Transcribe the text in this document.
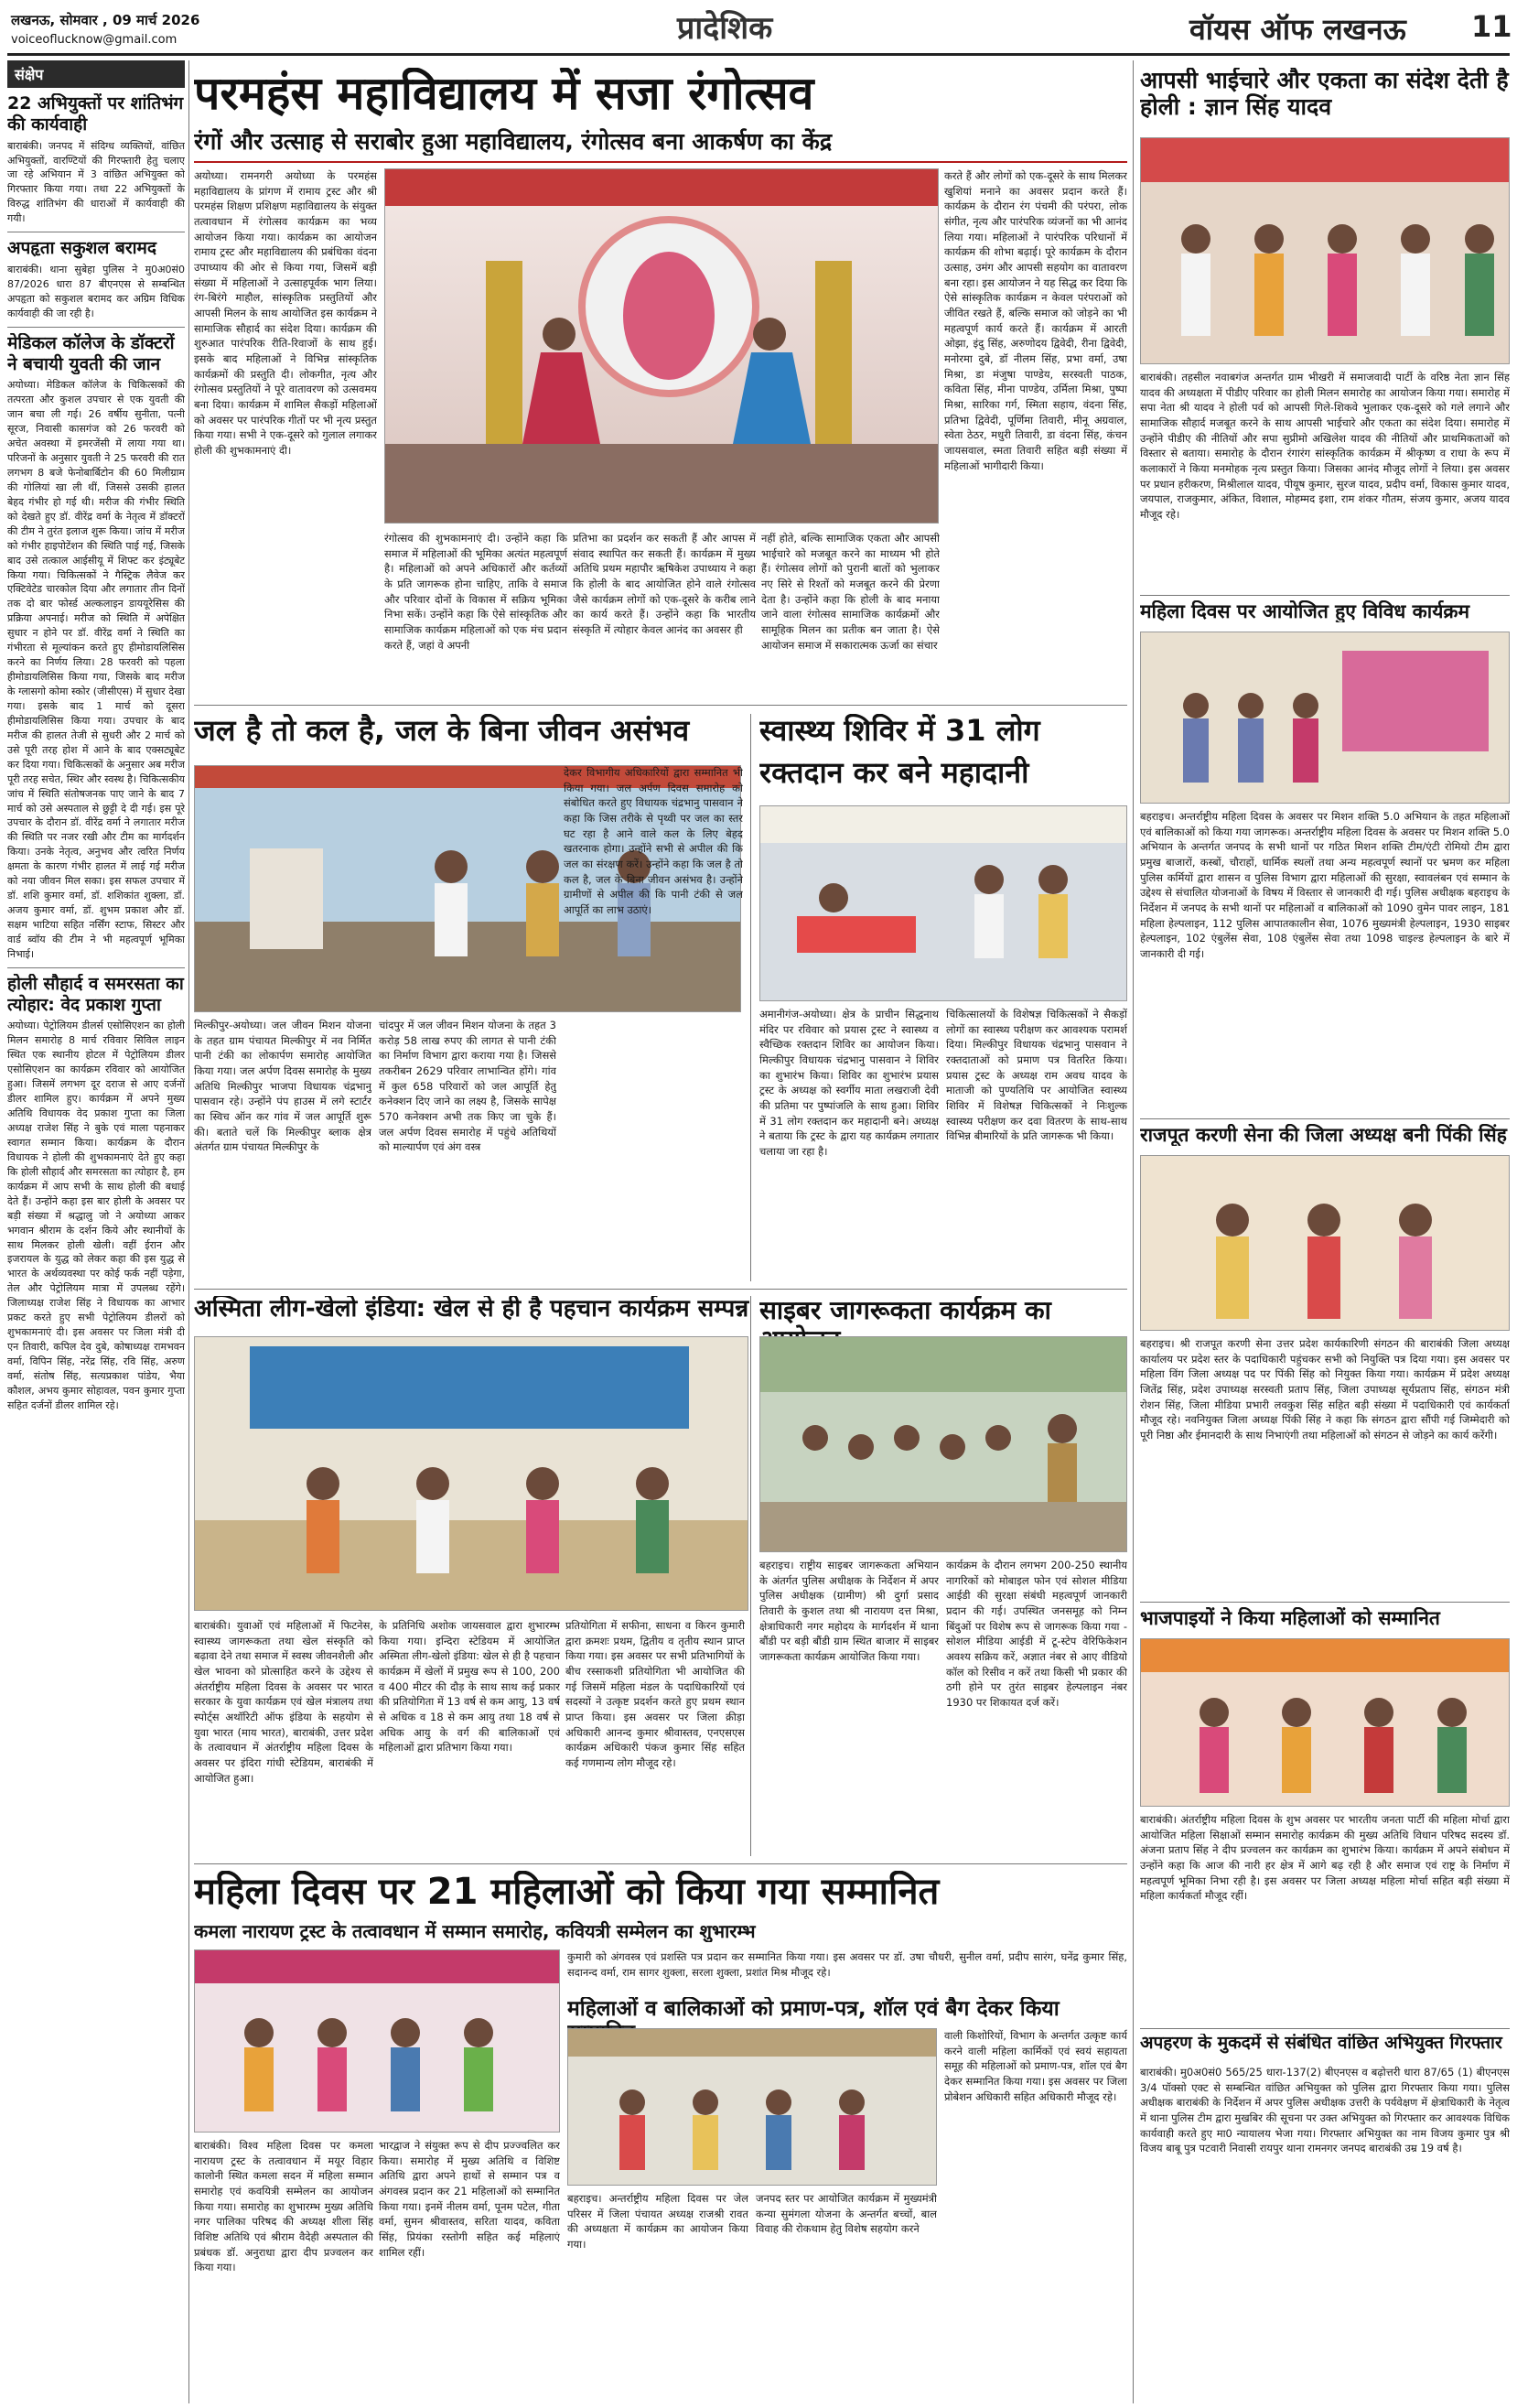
लखनऊ, सोमवार , 09 मार्च 2026
voiceoflucknow@gmail.com	प्रादेशिक	वॉयस ऑफ लखनऊ 11
संक्षेप
22 अभियुक्तों पर शांतिभंग की कार्यवाही
बाराबंकी। जनपद में संदिग्ध व्यक्तियों, वांछित अभियुक्तों, वारण्टियों की गिरफ्तारी हेतु चलाए जा रहे अभियान में 3 वांछित अभियुक्त को गिरफ्तार किया गया। तथा 22 अभियुक्तों के विरुद्ध शांतिभंग की धाराओं में कार्यवाही की गयी।
अपहृता सकुशल बरामद
बाराबंकी। थाना सुबेहा पुलिस ने मु0अ0सं0 87/2026 धारा 87 बीएनएस से सम्बन्धित अपहृता को सकुशल बरामद कर अग्रिम विधिक कार्यवाही की जा रही है।
मेडिकल कॉलेज के डॉक्टरों ने बचायी युवती की जान
अयोध्या। मेडिकल कॉलेज के चिकित्सकों की तत्परता और कुशल उपचार से एक युवती की जान बचा ली गई। 26 वर्षीय सुनीता, पत्नी सूरज, निवासी कासगंज को 26 फरवरी को अचेत अवस्था में इमरजेंसी में लाया गया था। परिजनों के अनुसार युवती ने 25 फरवरी की रात लगभग 8 बजे फेनोबार्बिटोन की 60 मिलीग्राम की गोलियां खा ली थीं, जिससे उसकी हालत बेहद गंभीर हो गई थी। मरीज की गंभीर स्थिति को देखते हुए डॉ. वीरेंद्र वर्मा के नेतृत्व में डॉक्टरों की टीम ने तुरंत इलाज शुरू किया। जांच में मरीज को गंभीर हाइपोटेंशन की स्थिति पाई गई, जिसके बाद उसे तत्काल आईसीयू में शिफ्ट कर इंट्यूबेट किया गया। चिकित्सकों ने गैस्ट्रिक लैवेज कर एक्टिवेटेड चारकोल दिया और लगातार तीन दिनों तक दो बार फोर्स्ड अल्कलाइन डाययूरेसिस की प्रक्रिया अपनाई। मरीज को स्थिति में अपेक्षित सुधार न होने पर डॉ. वीरेंद्र वर्मा ने स्थिति का गंभीरता से मूल्यांकन करते हुए हीमोडायलिसिस करने का निर्णय लिया। 28 फरवरी को पहला हीमोडायलिसिस किया गया, जिसके बाद मरीज के ग्लासगो कोमा स्कोर (जीसीएस) में सुधार देखा गया। इसके बाद 1 मार्च को दूसरा हीमोडायलिसिस किया गया। उपचार के बाद मरीज की हालत तेजी से सुधरी और 2 मार्च को उसे पूरी तरह होश में आने के बाद एक्सट्यूबेट कर दिया गया। चिकित्सकों के अनुसार अब मरीज पूरी तरह सचेत, स्थिर और स्वस्थ है। चिकित्सकीय जांच में स्थिति संतोषजनक पाए जाने के बाद 7 मार्च को उसे अस्पताल से छुट्टी दे दी गई। इस पूरे उपचार के दौरान डॉ. वीरेंद्र वर्मा ने लगातार मरीज की स्थिति पर नजर रखी और टीम का मार्गदर्शन किया। उनके नेतृत्व, अनुभव और त्वरित निर्णय क्षमता के कारण गंभीर हालत में लाई गई मरीज को नया जीवन मिल सका। इस सफल उपचार में डॉ. शशि कुमार वर्मा, डॉ. शशिकांत शुक्ला, डॉ. अजय कुमार वर्मा, डॉ. शुभम प्रकाश और डॉ. सक्षम भाटिया सहित नर्सिंग स्टाफ, सिस्टर और वार्ड ब्वॉय की टीम ने भी महत्वपूर्ण भूमिका निभाई।
होली सौहार्द व समरसता का त्योहार: वेद प्रकाश गुप्ता
अयोध्या। पेट्रोलियम डीलर्स एसोसिएशन का होली मिलन समारोह 8 मार्च रविवार सिविल लाइन स्थित एक स्थानीय होटल में पेट्रोलियम डीलर एसोसिएशन का कार्यक्रम रविवार को आयोजित हुआ। जिसमें लगभग दूर दराज से आए दर्जनों डीलर शामिल हुए। कार्यक्रम में अपने मुख्य अतिथि विधायक वेद प्रकाश गुप्ता का जिला अध्यक्ष राजेश सिंह ने बुके एवं माला पहनाकर स्वागत सम्मान किया। कार्यक्रम के दौरान विधायक ने होली की शुभकामनाएं देते हुए कहा कि होली सौहार्द और समरसता का त्योहार है, हम कार्यक्रम में आप सभी के साथ होली की बधाई देते हैं। उन्होंने कहा इस बार होली के अवसर पर बड़ी संख्या में श्रद्धालु जो ने अयोध्या आकर भगवान श्रीराम के दर्शन किये और स्थानीयों के साथ मिलकर होली खेली। वहीं ईरान और इजरायल के युद्ध को लेकर कहा की इस युद्ध से भारत के अर्थव्यवस्था पर कोई फर्क नहीं पड़ेगा, तेल और पेट्रोलियम मात्रा में उपलब्ध रहेंगे। जिलाध्यक्ष राजेश सिंह ने विधायक का आभार प्रकट करते हुए सभी पेट्रोलियम डीलरों को शुभकामनाएं दी। इस अवसर पर जिला मंत्री दी एन तिवारी, कपिल देव दुबे, कोषाध्यक्ष रामभवन वर्मा, विपिन सिंह, नरेंद्र सिंह, रवि सिंह, अरुण वर्मा, संतोष सिंह, सत्यप्रकाश पांडेय, भैया कौशल, अभय कुमार सोहावल, पवन कुमार गुप्ता सहित दर्जनों डीलर शामिल रहे।
परमहंस महाविद्यालय में सजा रंगोत्सव
रंगों और उत्साह से सराबोर हुआ महाविद्यालय, रंगोत्सव बना आकर्षण का केंद्र
अयोध्या। रामनगरी अयोध्या के परमहंस महाविद्यालय के प्रांगण में रामाय ट्रस्ट और श्री परमहंस शिक्षण प्रशिक्षण महाविद्यालय के संयुक्त तत्वावधान में रंगोत्सव कार्यक्रम का भव्य आयोजन किया गया। कार्यक्रम का आयोजन रामाय ट्रस्ट और महाविद्यालय की प्रबंधिका वंदना उपाध्याय की ओर से किया गया, जिसमें बड़ी संख्या में महिलाओं ने उत्साहपूर्वक भाग लिया। रंग-बिरंगे माहौल, सांस्कृतिक प्रस्तुतियों और आपसी मिलन के साथ आयोजित इस कार्यक्रम ने सामाजिक सौहार्द का संदेश दिया। कार्यक्रम की शुरुआत पारंपरिक रीति-रिवाजों के साथ हुई। इसके बाद महिलाओं ने विभिन्न सांस्कृतिक कार्यक्रमों की प्रस्तुति दी। लोकगीत, नृत्य और रंगोत्सव प्रस्तुतियों ने पूरे वातावरण को उत्सवमय बना दिया। कार्यक्रम में शामिल सैकड़ों महिलाओं को अवसर पर पारंपरिक गीतों पर भी नृत्य प्रस्तुत किया गया। सभी ने एक-दूसरे को गुलाल लगाकर होली की शुभकामनाएं दी।
रंगोत्सव की शुभकामनाएं दी। उन्होंने कहा कि समाज में महिलाओं की भूमिका अत्यंत महत्वपूर्ण है। महिलाओं को अपने अधिकारों और कर्तव्यों के प्रति जागरूक होना चाहिए, ताकि वे समाज और परिवार दोनों के विकास में सक्रिय भूमिका निभा सकें। उन्होंने कहा कि ऐसे सांस्कृतिक और सामाजिक कार्यक्रम महिलाओं को एक मंच प्रदान करते हैं, जहां वे अपनी
प्रतिभा का प्रदर्शन कर सकती हैं और आपस में संवाद स्थापित कर सकती हैं। कार्यक्रम में मुख्य अतिथि प्रथम महापौर ऋषिकेश उपाध्याय ने कहा कि होली के बाद आयोजित होने वाले रंगोत्सव जैसे कार्यक्रम लोगों को एक-दूसरे के करीब लाने का कार्य करते हैं। उन्होंने कहा कि भारतीय संस्कृति में त्योहार केवल आनंद का अवसर ही
नहीं होते, बल्कि सामाजिक एकता और आपसी भाईचारे को मजबूत करने का माध्यम भी होते हैं। रंगोत्सव लोगों को पुरानी बातों को भुलाकर नए सिरे से रिश्तों को मजबूत करने की प्रेरणा देता है। उन्होंने कहा कि होली के बाद मनाया जाने वाला रंगोत्सव सामाजिक कार्यक्रमों और सामूहिक मिलन का प्रतीक बन जाता है। ऐसे आयोजन समाज में सकारात्मक ऊर्जा का संचार
करते हैं और लोगों को एक-दूसरे के साथ मिलकर खुशियां मनाने का अवसर प्रदान करते हैं। कार्यक्रम के दौरान रंग पंचमी की परंपरा, लोक संगीत, नृत्य और पारंपरिक व्यंजनों का भी आनंद लिया गया। महिलाओं ने पारंपरिक परिधानों में कार्यक्रम की शोभा बढ़ाई। पूरे कार्यक्रम के दौरान उत्साह, उमंग और आपसी सहयोग का वातावरण बना रहा। इस आयोजन ने यह सिद्ध कर दिया कि ऐसे सांस्कृतिक कार्यक्रम न केवल परंपराओं को जीवित रखते हैं, बल्कि समाज को जोड़ने का भी महत्वपूर्ण कार्य करते हैं। कार्यक्रम में आरती ओझा, इंदु सिंह, अरुणोदय द्विवेदी, रीना द्विवेदी, मनोरमा दुबे, डॉ नीलम सिंह, प्रभा वर्मा, उषा मिश्रा, डा मंजुषा पाण्डेय, सरस्वती पाठक, कविता सिंह, मीना पाण्डेय, उर्मिला मिश्रा, पुष्पा मिश्रा, सारिका गर्ग, स्मिता सहाय, वंदना सिंह, प्रतिभा द्विवेदी, पूर्णिमा तिवारी, मीनू अग्रवाल, स्वेता ठेठर, मधुरी तिवारी, डा वंदना सिंह, कंचन जायसवाल, स्मता तिवारी सहित बड़ी संख्या में महिलाओं भागीदारी किया।
जल है तो कल है, जल के बिना जीवन असंभव
मिल्कीपुर-अयोध्या। जल जीवन मिशन योजना के तहत ग्राम पंचायत मिल्कीपुर में नव निर्मित पानी टंकी का लोकार्पण समारोह आयोजित किया गया। जल अर्पण दिवस समारोह के मुख्य अतिथि मिल्कीपुर भाजपा विधायक चंद्रभानु पासवान रहे। उन्होंने पंप हाउस में लगे स्टार्टर का स्विच ऑन कर गांव में जल आपूर्ति शुरू की। बताते चलें कि मिल्कीपुर ब्लाक क्षेत्र अंतर्गत ग्राम पंचायत मिल्कीपुर के
चांदपुर में जल जीवन मिशन योजना के तहत 3 करोड़ 58 लाख रुपए की लागत से पानी टंकी का निर्माण विभाग द्वारा कराया गया है। जिससे तकरीबन 2629 परिवार लाभान्वित होंगे। गांव में कुल 658 परिवारों को जल आपूर्ति हेतु कनेक्शन दिए जाने का लक्ष्य है, जिसके सापेक्ष 570 कनेक्शन अभी तक किए जा चुके हैं। जल अर्पण दिवस समारोह में पहुंचे अतिथियों को माल्यार्पण एवं अंग वस्त्र
देकर विभागीय अधिकारियों द्वारा सम्मानित भी किया गया। जल अर्पण दिवस समारोह को संबोधित करते हुए विधायक चंद्रभानु पासवान ने कहा कि जिस तरीके से पृथ्वी पर जल का स्तर घट रहा है आने वाले कल के लिए बेहद खतरनाक होगा। उन्होंने सभी से अपील की कि जल का संरक्षण करें। उन्होंने कहा कि जल है तो कल है, जल के बिना जीवन असंभव है। उन्होंने ग्रामीणों से अपील की कि पानी टंकी से जल आपूर्ति का लाभ उठाएं।
स्वास्थ्य शिविर में 31 लोग
रक्तदान कर बने महादानी
अमानीगंज-अयोध्या। क्षेत्र के प्राचीन सिद्धनाथ मंदिर पर रविवार को प्रयास ट्रस्ट ने स्वास्थ्य व स्वैच्छिक रक्तदान शिविर का आयोजन किया। मिल्कीपुर विधायक चंद्रभानु पासवान ने शिविर का शुभारंभ किया। शिविर का शुभारंभ प्रयास ट्रस्ट के अध्यक्ष को स्वर्गीय माता लखराजी देवी की प्रतिमा पर पुष्पांजलि के साथ हुआ। शिविर में 31 लोग रक्तदान कर महादानी बने। अध्यक्ष ने बताया कि ट्रस्ट के द्वारा यह कार्यक्रम लगातार चलाया जा रहा है।
चिकित्सालयों के विशेषज्ञ चिकित्सकों ने सैकड़ों लोगों का स्वास्थ्य परीक्षण कर आवश्यक परामर्श दिया। मिल्कीपुर विधायक चंद्रभानु पासवान ने रक्तदाताओं को प्रमाण पत्र वितरित किया। प्रयास ट्रस्ट के अध्यक्ष राम अवध यादव के माताजी को पुण्यतिथि पर आयोजित स्वास्थ्य शिविर में विशेषज्ञ चिकित्सकों ने निःशुल्क स्वास्थ्य परीक्षण कर दवा वितरण के साथ-साथ विभिन्न बीमारियों के प्रति जागरूक भी किया।
अस्मिता लीग-खेलो इंडिया: खेल से ही है पहचान कार्यक्रम सम्पन्न
बाराबंकी। युवाओं एवं महिलाओं में फिटनेस, स्वास्थ्य जागरूकता तथा खेल संस्कृति को बढ़ावा देने तथा समाज में स्वस्थ जीवनशैली और खेल भावना को प्रोत्साहित करने के उद्देश्य से अंतर्राष्ट्रीय महिला दिवस के अवसर पर भारत सरकार के युवा कार्यक्रम एवं खेल मंत्रालय तथा स्पोर्ट्स अथॉरिटी ऑफ इंडिया के सहयोग से युवा भारत (माय भारत), बाराबंकी, उत्तर प्रदेश के तत्वावधान में अंतर्राष्ट्रीय महिला दिवस के अवसर पर इंदिरा गांधी स्टेडियम, बाराबंकी में आयोजित हुआ।
के प्रतिनिधि अशोक जायसवाल द्वारा शुभारम्भ किया गया। इन्दिरा स्टेडियम में आयोजित अस्मिता लीग-खेलो इंडिया: खेल से ही है पहचान कार्यक्रम में खेलों में प्रमुख रूप से 100, 200 व 400 मीटर की दौड़ के साथ साथ कई प्रकार की प्रतियोगिता में 13 वर्ष से कम आयु, 13 वर्ष से अधिक व 18 से कम आयु तथा 18 वर्ष से अधिक आयु के वर्ग की बालिकाओं एवं महिलाओं द्वारा प्रतिभाग किया गया।
साइबर जागरूकता कार्यक्रम का
प्रतियोगिता में सफीना, साधना व किरन कुमारी द्वारा क्रमशः प्रथम, द्वितीय व तृतीय स्थान प्राप्त किया गया। इस अवसर पर सभी प्रतिभागियों के बीच रस्साकशी प्रतियोगिता भी आयोजित की गई जिसमें महिला मंडल के पदाधिकारियों एवं सदस्यों ने उत्कृष्ट प्रदर्शन करते हुए प्रथम स्थान प्राप्त किया। इस अवसर पर जिला क्रीड़ा अधिकारी आनन्द कुमार श्रीवास्तव, एनएसएस कार्यक्रम अधिकारी पंकज कुमार सिंह सहित कई गणमान्य लोग मौजूद रहे।
बहराइच। राष्ट्रीय साइबर जागरूकता अभियान के अंतर्गत पुलिस अधीक्षक के निर्देशन में अपर पुलिस अधीक्षक (ग्रामीण) श्री दुर्गा प्रसाद तिवारी के कुशल तथा श्री नारायण दत्त मिश्रा, क्षेत्राधिकारी नगर महोदय के मार्गदर्शन में थाना बौंडी पर बड़ी बौंडी ग्राम स्थित बाजार में साइबर जागरूकता कार्यक्रम आयोजित किया गया।
कार्यक्रम के दौरान लगभग 200-250 स्थानीय नागरिकों को मोबाइल फोन एवं सोशल मीडिया आईडी की सुरक्षा संबंधी महत्वपूर्ण जानकारी प्रदान की गई। उपस्थित जनसमूह को निम्न बिंदुओं पर विशेष रूप से जागरूक किया गया - सोशल मीडिया आईडी में टू-स्टेप वेरिफिकेशन अवश्य सक्रिय करें, अज्ञात नंबर से आए वीडियो कॉल को रिसीव न करें तथा किसी भी प्रकार की ठगी होने पर तुरंत साइबर हेल्पलाइन नंबर 1930 पर शिकायत दर्ज करें।
महिला दिवस पर 21 महिलाओं को किया गया सम्मानित
कमला नारायण ट्रस्ट के तत्वावधान में सम्मान समारोह, कवियत्री सम्मेलन का शुभारम्भ
बाराबंकी। विश्व महिला दिवस पर कमला नारायण ट्रस्ट के तत्वावधान में मयूर विहार कालोनी स्थित कमला सदन में महिला सम्मान समारोह एवं कवयित्री सम्मेलन का आयोजन किया गया। समारोह का शुभारम्भ मुख्य अतिथि नगर पालिका परिषद की अध्यक्ष शीला सिंह विशिष्ट अतिथि एवं श्रीराम वैदेही अस्पताल की प्रबंधक डॉ. अनुराधा द्वारा दीप प्रज्वलन कर किया गया।
भारद्वाज ने संयुक्त रूप से दीप प्रज्ज्वलित कर किया। समारोह में मुख्य अतिथि व विशिष्ट अतिथि द्वारा अपने हाथों से सम्मान पत्र व अंगवस्त्र प्रदान कर 21 महिलाओं को सम्मानित किया गया। इनमें नीलम वर्मा, पूनम पटेल, गीता वर्मा, सुमन श्रीवास्तव, सरिता यादव, कविता सिंह, प्रियंका रस्तोगी सहित कई महिलाएं शामिल रहीं।
कुमारी को अंगवस्त्र एवं प्रशस्ति पत्र प्रदान कर सम्मानित किया गया। इस अवसर पर डॉ. उषा चौधरी, सुनील वर्मा, प्रदीप सारंग, घनेंद्र कुमार सिंह, सदानन्द वर्मा, राम सागर शुक्ला, सरला शुक्ला, प्रशांत मिश्र मौजूद रहे।
महिलाओं व बालिकाओं को प्रमाण-पत्र, शॉल एवं बैग देकर किया
बहराइच। अन्तर्राष्ट्रीय महिला दिवस पर जेल परिसर में जिला पंचायत अध्यक्ष राजश्री रावत की अध्यक्षता में कार्यक्रम का आयोजन किया गया।
जनपद स्तर पर आयोजित कार्यक्रम में मुख्यमंत्री कन्या सुमंगला योजना के अन्तर्गत बच्चों, बाल विवाह की रोकथाम हेतु विशेष सहयोग करने
वाली किशोरियों, विभाग के अन्तर्गत उत्कृष्ट कार्य करने वाली महिला कार्मिकों एवं स्वयं सहायता समूह की महिलाओं को प्रमाण-पत्र, शॉल एवं बैग देकर सम्मानित किया गया। इस अवसर पर जिला प्रोबेशन अधिकारी सहित अधिकारी मौजूद रहे।
आपसी भाईचारे और एकता का संदेश देती है होली : ज्ञान सिंह यादव
बाराबंकी। तहसील नवाबगंज अन्तर्गत ग्राम भीखरी में समाजवादी पार्टी के वरिष्ठ नेता ज्ञान सिंह यादव की अध्यक्षता में पीडीए परिवार का होली मिलन समारोह का आयोजन किया गया। समारोह में सपा नेता श्री यादव ने होली पर्व को आपसी गिले-शिकवे भुलाकर एक-दूसरे को गले लगाने और सामाजिक सौहार्द मजबूत करने के साथ आपसी भाईचारे और एकता का संदेश दिया। समारोह में उन्होंने पीडीए की नीतियों और सपा सुप्रीमो अखिलेश यादव की नीतियों और प्राथमिकताओं को विस्तार से बताया। समारोह के दौरान रंगारंग सांस्कृतिक कार्यक्रम में श्रीकृष्ण व राधा के रूप में कलाकारों ने किया मनमोहक नृत्य प्रस्तुत किया। जिसका आनंद मौजूद लोगों ने लिया। इस अवसर पर प्रधान हरीकरण, मिश्रीलाल यादव, पीयूष कुमार, सुरज यादव, प्रदीप वर्मा, विकास कुमार यादव, जयपाल, राजकुमार, अंकित, विशाल, मोहम्मद इशा, राम शंकर गौतम, संजय कुमार, अजय यादव मौजूद रहे।
महिला दिवस पर आयोजित हुए विविध कार्यक्रम
बहराइच। अन्तर्राष्ट्रीय महिला दिवस के अवसर पर मिशन शक्ति 5.0 अभियान के तहत महिलाओं एवं बालिकाओं को किया गया जागरूक। अन्तर्राष्ट्रीय महिला दिवस के अवसर पर मिशन शक्ति 5.0 अभियान के अन्तर्गत जनपद के सभी थानों पर गठित मिशन शक्ति टीम/एंटी रोमियो टीम द्वारा प्रमुख बाजारों, कस्बों, चौराहों, धार्मिक स्थलों तथा अन्य महत्वपूर्ण स्थानों पर भ्रमण कर महिला पुलिस कर्मियों द्वारा शासन व पुलिस विभाग द्वारा महिलाओं की सुरक्षा, स्वावलंबन एवं सम्मान के उद्देश्य से संचालित योजनाओं के विषय में विस्तार से जानकारी दी गई। पुलिस अधीक्षक बहराइच के निर्देशन में जनपद के सभी थानों पर महिलाओं व बालिकाओं को 1090 वुमेन पावर लाइन, 181 महिला हेल्पलाइन, 112 पुलिस आपातकालीन सेवा, 1076 मुख्यमंत्री हेल्पलाइन, 1930 साइबर हेल्पलाइन, 102 एंबुलेंस सेवा, 108 एंबुलेंस सेवा तथा 1098 चाइल्ड हेल्पलाइन के बारे में जानकारी दी गई।
राजपूत करणी सेना की जिला अध्यक्ष बनी पिंकी सिंह
बहराइच। श्री राजपूत करणी सेना उत्तर प्रदेश कार्यकारिणी संगठन की बाराबंकी जिला अध्यक्ष कार्यालय पर प्रदेश स्तर के पदाधिकारी पहुंचकर सभी को नियुक्ति पत्र दिया गया। इस अवसर पर महिला विंग जिला अध्यक्ष पद पर पिंकी सिंह को नियुक्त किया गया। कार्यक्रम में प्रदेश अध्यक्ष जितेंद्र सिंह, प्रदेश उपाध्यक्ष सरस्वती प्रताप सिंह, जिला उपाध्यक्ष सूर्यप्रताप सिंह, संगठन मंत्री रोशन सिंह, जिला मीडिया प्रभारी लवकुश सिंह सहित बड़ी संख्या में पदाधिकारी एवं कार्यकर्ता मौजूद रहे। नवनियुक्त जिला अध्यक्ष पिंकी सिंह ने कहा कि संगठन द्वारा सौंपी गई जिम्मेदारी को पूरी निष्ठा और ईमानदारी के साथ निभाएंगी तथा महिलाओं को संगठन से जोड़ने का कार्य करेंगी।
भाजपाइयों ने किया महिलाओं को सम्मानित
बाराबंकी। अंतर्राष्ट्रीय महिला दिवस के शुभ अवसर पर भारतीय जनता पार्टी की महिला मोर्चा द्वारा आयोजित महिला सिक्षाओं सम्मान समारोह कार्यक्रम की मुख्य अतिथि विधान परिषद सदस्य डॉ. अंजना प्रताप सिंह ने दीप प्रज्वलन कर कार्यक्रम का शुभारंभ किया। कार्यक्रम में अपने संबोधन में उन्होंने कहा कि आज की नारी हर क्षेत्र में आगे बढ़ रही है और समाज एवं राष्ट्र के निर्माण में महत्वपूर्ण भूमिका निभा रही है। इस अवसर पर जिला अध्यक्ष महिला मोर्चा सहित बड़ी संख्या में महिला कार्यकर्ता मौजूद रहीं।
अपहरण के मुकदमें से संबंधित वांछित अभियुक्त गिरफ्तार
बाराबंकी। मु0अ0सं0 565/25 धारा-137(2) बीएनएस व बढ़ोत्तरी धारा 87/65 (1) बीएनएस 3/4 पॉक्सो एक्ट से सम्बन्धित वांछित अभियुक्त को पुलिस द्वारा गिरफ्तार किया गया। पुलिस अधीक्षक बाराबंकी के निर्देशन में अपर पुलिस अधीक्षक उत्तरी के पर्यवेक्षण में क्षेत्राधिकारी के नेतृत्व में थाना पुलिस टीम द्वारा मुखबिर की सूचना पर उक्त अभियुक्त को गिरफ्तार कर आवश्यक विधिक कार्यवाही करते हुए मा0 न्यायालय भेजा गया। गिरफ्तार अभियुक्त का नाम विजय कुमार पुत्र श्री विजय बाबू पुत्र पटवारी निवासी रायपुर थाना रामनगर जनपद बाराबंकी उम्र 19 वर्ष है।
